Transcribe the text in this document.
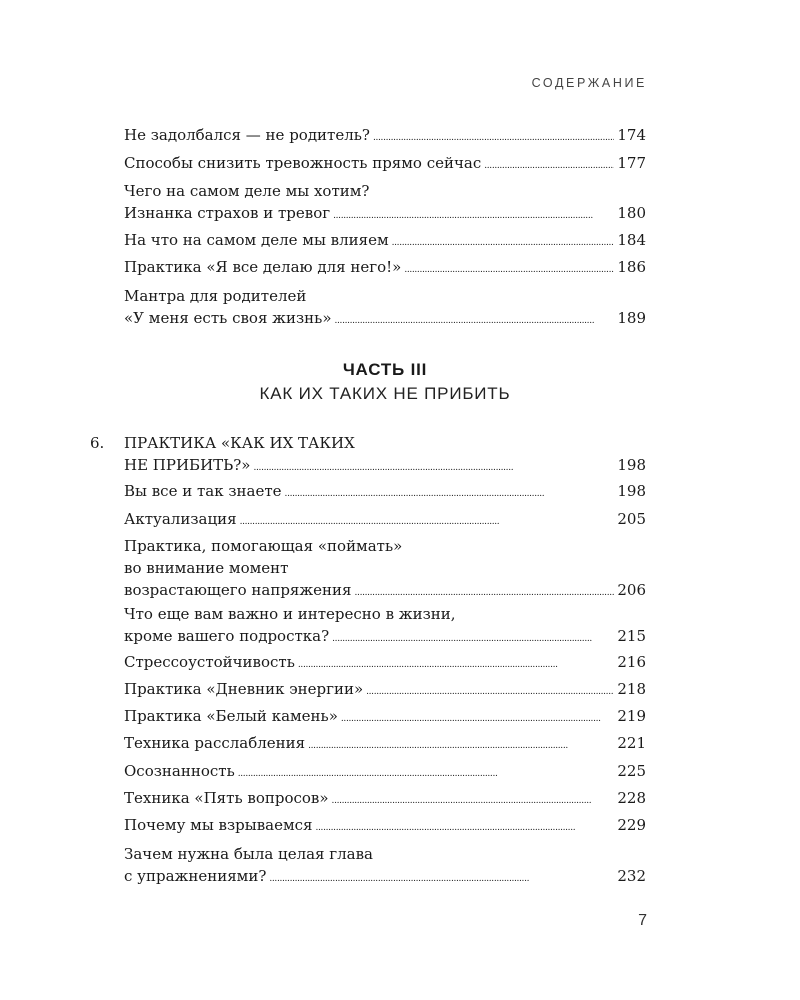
СОДЕРЖАНИЕ
Не задолбался — не родитель? . . .	174
Способы снизить тревожность прямо сейчас . . .	177
Чего на самом деле мы хотим?
Изнанка страхов и тревог . . .	180
На что на самом деле мы влияем . . .	184
Практика «Я все делаю для него!» . . .	186
Мантра для родителей
«У меня есть своя жизнь» . . .	189
ЧАСТЬ III
КАК ИХ ТАКИХ НЕ ПРИБИТЬ
6. ПРАКТИКА «КАК ИХ ТАКИХ
НЕ ПРИБИТЬ?» . . .	198
Вы все и так знаете . . .	198
Актуализация . . .	205
Практика, помогающая «поймать»
во внимание момент
возрастающего напряжения . . .	206
Что еще вам важно и интересно в жизни,
кроме вашего подростка? . . .	215
Стрессоустойчивость . . .	216
Практика «Дневник энергии» . . .	218
Практика «Белый камень» . . .	219
Техника расслабления . . .	221
Осознанность . . .	225
Техника «Пять вопросов» . . .	228
Почему мы взрываемся . . .	229
Зачем нужна была целая глава
с упражнениями? . . .	232
7
